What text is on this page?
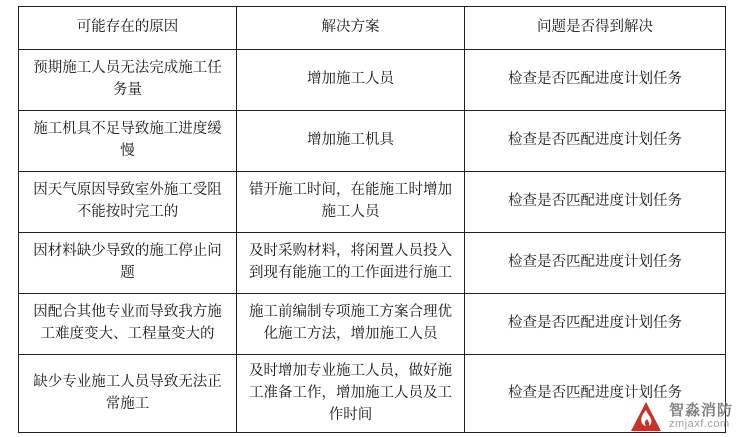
可能存在的原因	解决方案	问题是否得到解决
预期施工人员无法完成施工任务量	增加施工人员	检查是否匹配进度计划任务
施工机具不足导致施工进度缓慢	增加施工机具	检查是否匹配进度计划任务
因天气原因导致室外施工受阻不能按时完工的	错开施工时间，在能施工时增加施工人员	检查是否匹配进度计划任务
因材料缺少导致的施工停止问题	及时采购材料，将闲置人员投入到现有能施工的工作面进行施工	检查是否匹配进度计划任务
因配合其他专业而导致我方施工难度变大、工程量变大的	施工前编制专项施工方案合理优化施工方法，增加施工人员	检查是否匹配进度计划任务
缺少专业施工人员导致无法正常施工	及时增加专业施工人员，做好施工准备工作，增加施工人员及工作时间	检查是否匹配进度计划任务
智淼消防
zmjaxf.com
